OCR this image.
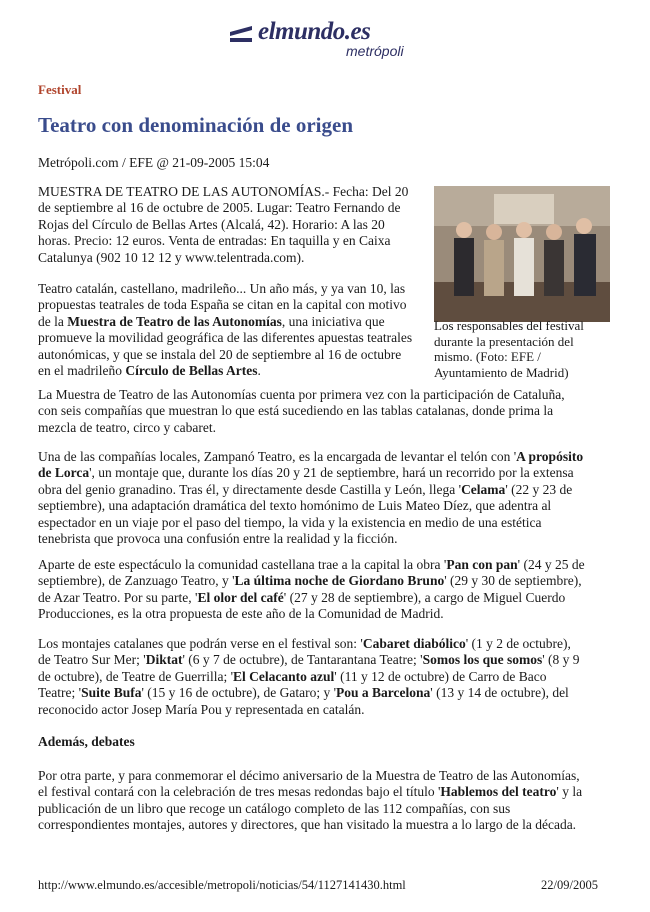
elmundo.es
metrópoli
Festival
Teatro con denominación de origen
Metrópoli.com / EFE @ 21-09-2005 15:04
MUESTRA DE TEATRO DE LAS AUTONOMÍAS.- Fecha: Del 20
de septiembre al 16 de octubre de 2005. Lugar: Teatro Fernando de
Rojas del Círculo de Bellas Artes (Alcalá, 42). Horario: A las 20
horas. Precio: 12 euros. Venta de entradas: En taquilla y en Caixa
Catalunya (902 10 12 12 y www.telentrada.com).
Teatro catalán, castellano, madrileño... Un año más, y ya van 10, las
propuestas teatrales de toda España se citan en la capital con motivo
de la Muestra de Teatro de las Autonomías, una iniciativa que
promueve la movilidad geográfica de las diferentes apuestas teatrales
autonómicas, y que se instala del 20 de septiembre al 16 de octubre
en el madrileño Círculo de Bellas Artes.
Los responsables del festival
durante la presentación del
mismo. (Foto: EFE /
Ayuntamiento de Madrid)
La Muestra de Teatro de las Autonomías cuenta por primera vez con la participación de Cataluña,
con seis compañías que muestran lo que está sucediendo en las tablas catalanas, donde prima la
mezcla de teatro, circo y cabaret.
Una de las compañías locales, Zampanó Teatro, es la encargada de levantar el telón con 'A propósito
de Lorca', un montaje que, durante los días 20 y 21 de septiembre, hará un recorrido por la extensa
obra del genio granadino. Tras él, y directamente desde Castilla y León, llega 'Celama' (22 y 23 de
septiembre), una adaptación dramática del texto homónimo de Luis Mateo Díez, que adentra al
espectador en un viaje por el paso del tiempo, la vida y la existencia en medio de una estética
tenebrista que provoca una confusión entre la realidad y la ficción.
Aparte de este espectáculo la comunidad castellana trae a la capital la obra 'Pan con pan' (24 y 25 de
septiembre), de Zanzuago Teatro, y 'La última noche de Giordano Bruno' (29 y 30 de septiembre),
de Azar Teatro. Por su parte, 'El olor del café' (27 y 28 de septiembre), a cargo de Miguel Cuerdo
Producciones, es la otra propuesta de este año de la Comunidad de Madrid.
Los montajes catalanes que podrán verse en el festival son: 'Cabaret diabólico' (1 y 2 de octubre),
de Teatro Sur Mer; 'Diktat' (6 y 7 de octubre), de Tantarantana Teatre; 'Somos los que somos' (8 y 9
de octubre), de Teatre de Guerrilla; 'El Celacanto azul' (11 y 12 de octubre) de Carro de Baco
Teatre; 'Suite Bufa' (15 y 16 de octubre), de Gataro; y 'Pou a Barcelona' (13 y 14 de octubre), del
reconocido actor Josep María Pou y representada en catalán.
Además, debates
Por otra parte, y para conmemorar el décimo aniversario de la Muestra de Teatro de las Autonomías,
el festival contará con la celebración de tres mesas redondas bajo el título 'Hablemos del teatro' y la
publicación de un libro que recoge un catálogo completo de las 112 compañías, con sus
correspondientes montajes, autores y directores, que han visitado la muestra a lo largo de la década.
http://www.elmundo.es/accesible/metropoli/noticias/54/1127141430.html	22/09/2005
